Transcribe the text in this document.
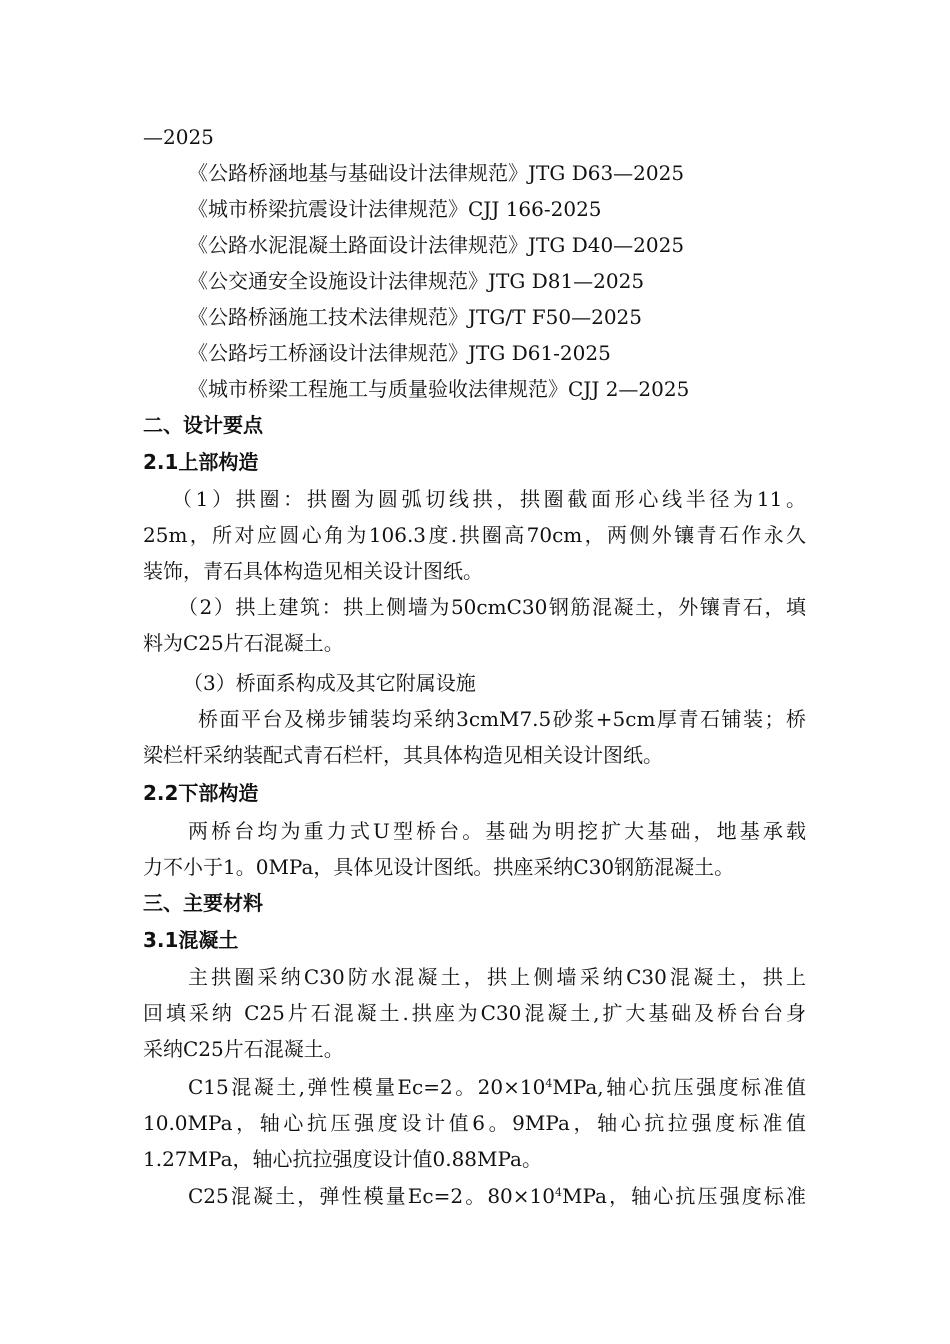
—2025
《公路桥涵地基与基础设计法律规范》JTG D63—2025
《城市桥梁抗震设计法律规范》CJJ 166-2025
《公路水泥混凝土路面设计法律规范》JTG D40—2025
《公交通安全设施设计法律规范》JTG D81—2025
《公路桥涵施工技术法律规范》JTG/T F50—2025
《公路圬工桥涵设计法律规范》JTG D61-2025
《城市桥梁工程施工与质量验收法律规范》CJJ 2—2025
二、设计要点
2.1上部构造
（1）拱圈：拱圈为圆弧切线拱，拱圈截面形心线半径为11。
25m，所对应圆心角为106.3度.拱圈高70cm，两侧外镶青石作永久
装饰，青石具体构造见相关设计图纸。
（2）拱上建筑：拱上侧墙为50cmC30钢筋混凝土，外镶青石，填
料为C25片石混凝土。
（3）桥面系构成及其它附属设施
桥面平台及梯步铺装均采纳3cmM7.5砂浆+5cm厚青石铺装；桥
梁栏杆采纳装配式青石栏杆，其具体构造见相关设计图纸。
2.2下部构造
两桥台均为重力式U型桥台。基础为明挖扩大基础，地基承载
力不小于1。0MPa，具体见设计图纸。拱座采纳C30钢筋混凝土。
三、主要材料
3.1混凝土
主拱圈采纳C30防水混凝土，拱上侧墙采纳C30混凝土，拱上
回填采纳 C25片石混凝土.拱座为C30混凝土,扩大基础及桥台台身
采纳C25片石混凝土。
C15混凝土,弹性模量Ec=2。$20\times 10^4MPa$,轴心抗压强度标准值
10.0MPa，轴心抗压强度设计值6。9MPa，轴心抗拉强度标准值
1.27MPa，轴心抗拉强度设计值0.88MPa。
C25混凝土，弹性模量Ec=2。$80\times 10^4MPa$，轴心抗压强度标准
